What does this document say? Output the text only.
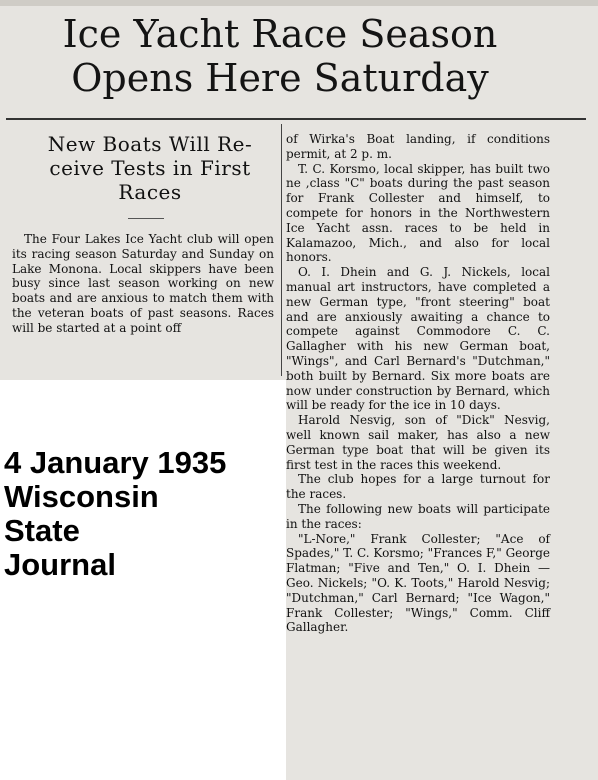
Ice Yacht Race Season
Opens Here Saturday
New Boats Will Re-
ceive Tests in First
Races

The Four Lakes Ice Yacht club will open its racing season Saturday and Sunday on Lake Monona. Local skippers have been busy since last season working on new boats and are anxious to match them with the veteran boats of past seasons. Races will be started at a point off

of Wirka's Boat landing, if conditions permit, at 2 p. m.

T. C. Korsmo, local skipper, has built two ne ,class "C" boats during the past season for Frank Collester and himself, to compete for honors in the Northwestern Ice Yacht assn. races to be held in Kalamazoo, Mich., and also for local honors.

O. I. Dhein and G. J. Nickels, local manual art instructors, have completed a new German type, "front steering" boat and are anxiously awaiting a chance to compete against Commodore C. C. Gallagher with his new German boat, "Wings", and Carl Bernard's "Dutchman," both built by Bernard. Six more boats are now under construction by Bernard, which will be ready for the ice in 10 days.

Harold Nesvig, son of "Dick" Nesvig, well known sail maker, has also a new German type boat that will be given its first test in the races this weekend.

The club hopes for a large turnout for the races.

The following new boats will participate in the races:

"L-Nore," Frank Collester; "Ace of Spades," T. C. Korsmo; "Frances F," George Flatman; "Five and Ten," O. I. Dhein — Geo. Nickels; "O. K. Toots," Harold Nesvig; "Dutchman," Carl Bernard; "Ice Wagon," Frank Collester; "Wings," Comm. Cliff Gallagher.

4 January 1935
Wisconsin
State
Journal
